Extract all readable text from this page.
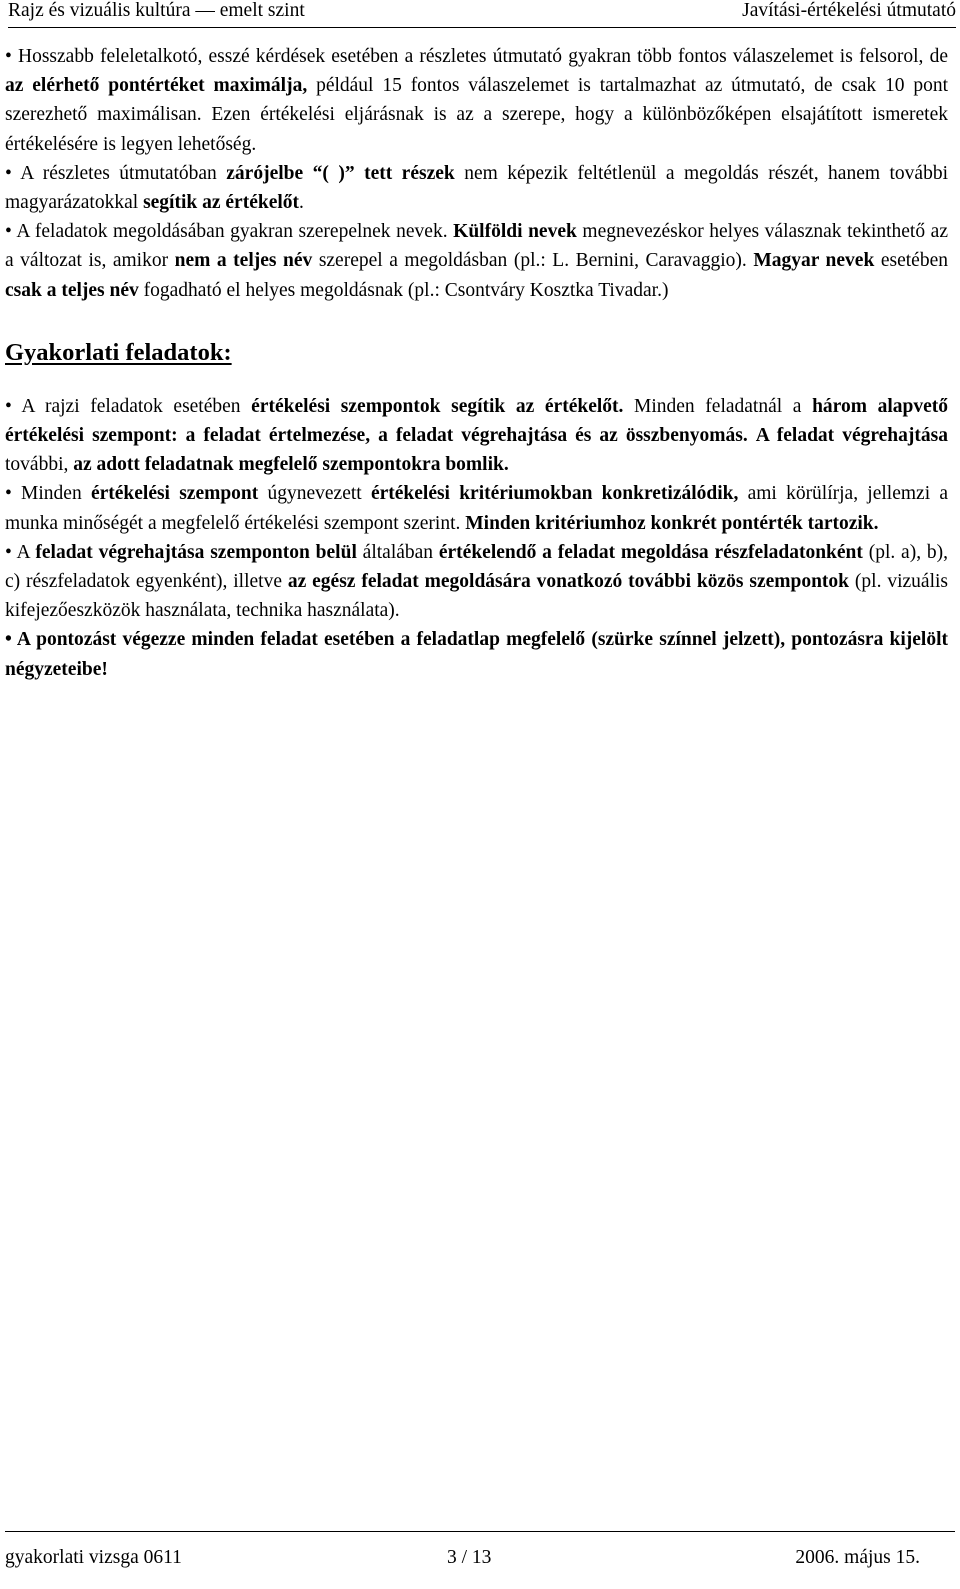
Rajz és vizuális kultúra — emelt szint	Javítási-értékelési útmutató

• Hosszabb feleletalkotó, esszé kérdések esetében a részletes útmutató gyakran több fontos válaszelemet is felsorol, de az elérhető pontértéket maximálja, például 15 fontos válaszelemet is tartalmazhat az útmutató, de csak 10 pont szerezhető maximálisan. Ezen értékelési eljárásnak is az a szerepe, hogy a különbözőképen elsajátított ismeretek értékelésére is legyen lehetőség.

• A részletes útmutatóban zárójelbe “( )” tett részek nem képezik feltétlenül a megoldás részét, hanem további magyarázatokkal segítik az értékelőt.

• A feladatok megoldásában gyakran szerepelnek nevek. Külföldi nevek megnevezéskor helyes válasznak tekinthető az a változat is, amikor nem a teljes név szerepel a megoldásban (pl.: L. Bernini, Caravaggio). Magyar nevek esetében csak a teljes név fogadható el helyes megoldásnak (pl.: Csontváry Kosztka Tivadar.)

Gyakorlati feladatok:

• A rajzi feladatok esetében értékelési szempontok segítik az értékelőt. Minden feladatnál a három alapvető értékelési szempont: a feladat értelmezése, a feladat végrehajtása és az összbenyomás. A feladat végrehajtása további, az adott feladatnak megfelelő szempontokra bomlik.

• Minden értékelési szempont úgynevezett értékelési kritériumokban konkretizálódik, ami körülírja, jellemzi a munka minőségét a megfelelő értékelési szempont szerint. Minden kritériumhoz konkrét pontérték tartozik.

• A feladat végrehajtása szemponton belül általában értékelendő a feladat megoldása részfeladatonként (pl. a), b), c) részfeladatok egyenként), illetve az egész feladat megoldására vonatkozó további közös szempontok (pl. vizuális kifejezőeszközök használata, technika használata).

• A pontozást végezze minden feladat esetében a feladatlap megfelelő (szürke színnel jelzett), pontozásra kijelölt négyzeteibe!

gyakorlati vizsga 0611	3 / 13	2006. május 15.
